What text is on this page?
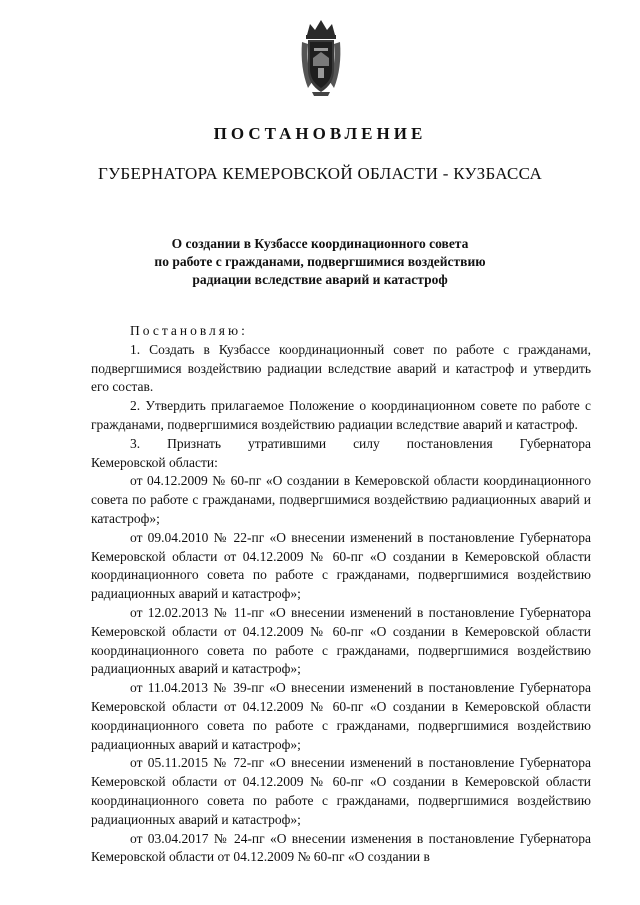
ПОСТАНОВЛЕНИЕ
ГУБЕРНАТОРА КЕМЕРОВСКОЙ ОБЛАСТИ - КУЗБАССА
О создании в Кузбассе координационного совета
по работе с гражданами, подвергшимися воздействию
радиации вследствие аварий и катастроф

Постановляю:

1. Создать в Кузбассе координационный совет по работе с гражданами, подвергшимися воздействию радиации вследствие аварий и катастроф и утвердить его состав.

2. Утвердить прилагаемое Положение о координационном совете по работе с гражданами, подвергшимися воздействию радиации вследствие аварий и катастроф.

3. Признать утратившими силу постановления Губернатора

Кемеровской области:

от 04.12.2009 № 60-пг «О создании в Кемеровской области координационного совета по работе с гражданами, подвергшимися воздействию радиационных аварий и катастроф»;

от 09.04.2010 № 22-пг «О внесении изменений в постановление Губернатора Кемеровской области от 04.12.2009 № 60-пг «О создании в Кемеровской области координационного совета по работе с гражданами, подвергшимися воздействию радиационных аварий и катастроф»;

от 12.02.2013 № 11-пг «О внесении изменений в постановление Губернатора Кемеровской области от 04.12.2009 № 60-пг «О создании в Кемеровской области координационного совета по работе с гражданами, подвергшимися воздействию радиационных аварий и катастроф»;

от 11.04.2013 № 39-пг «О внесении изменений в постановление Губернатора Кемеровской области от 04.12.2009 № 60-пг «О создании в Кемеровской области координационного совета по работе с гражданами, подвергшимися воздействию радиационных аварий и катастроф»;

от 05.11.2015 № 72-пг «О внесении изменений в постановление Губернатора Кемеровской области от 04.12.2009 № 60-пг «О создании в Кемеровской области координационного совета по работе с гражданами, подвергшимися воздействию радиационных аварий и катастроф»;

от 03.04.2017 № 24-пг «О внесении изменения в постановление Губернатора Кемеровской области от 04.12.2009 № 60-пг «О создании в
